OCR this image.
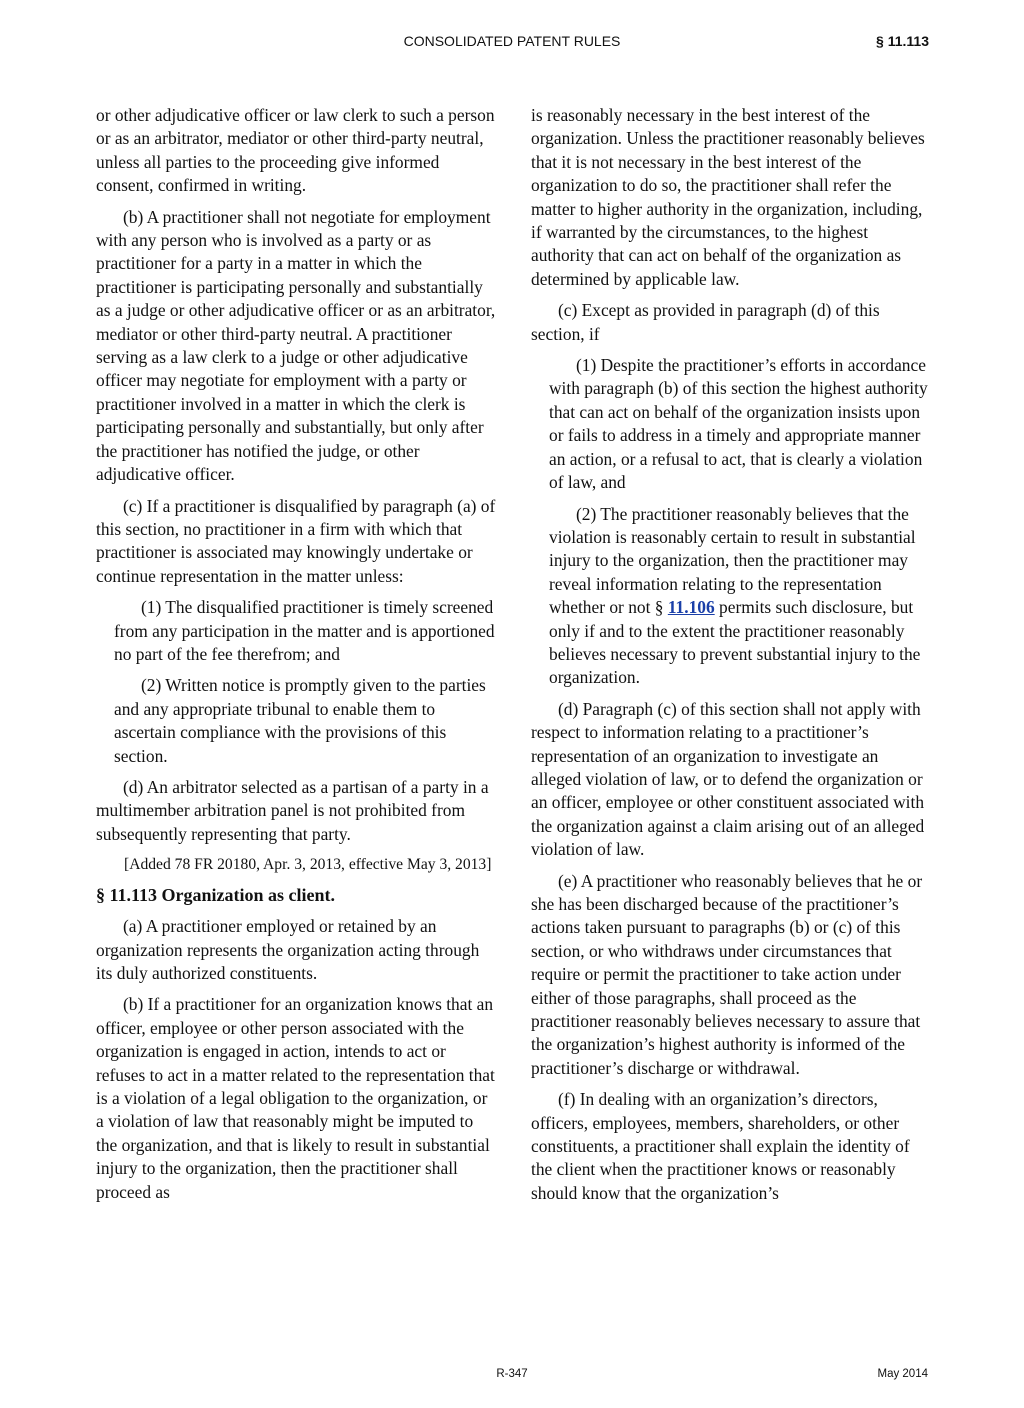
CONSOLIDATED PATENT RULES	§ 11.113

or other adjudicative officer or law clerk to such a person or as an arbitrator, mediator or other third-party neutral, unless all parties to the proceeding give informed consent, confirmed in writing.

(b) A practitioner shall not negotiate for employment with any person who is involved as a party or as practitioner for a party in a matter in which the practitioner is participating personally and substantially as a judge or other adjudicative officer or as an arbitrator, mediator or other third-party neutral. A practitioner serving as a law clerk to a judge or other adjudicative officer may negotiate for employment with a party or practitioner involved in a matter in which the clerk is participating personally and substantially, but only after the practitioner has notified the judge, or other adjudicative officer.

(c) If a practitioner is disqualified by paragraph (a) of this section, no practitioner in a firm with which that practitioner is associated may knowingly undertake or continue representation in the matter unless:

(1) The disqualified practitioner is timely screened from any participation in the matter and is apportioned no part of the fee therefrom; and

(2) Written notice is promptly given to the parties and any appropriate tribunal to enable them to ascertain compliance with the provisions of this section.

(d) An arbitrator selected as a partisan of a party in a multimember arbitration panel is not prohibited from subsequently representing that party.

[Added 78 FR 20180, Apr. 3, 2013, effective May 3, 2013]

§ 11.113 Organization as client.

(a) A practitioner employed or retained by an organization represents the organization acting through its duly authorized constituents.

(b) If a practitioner for an organization knows that an officer, employee or other person associated with the organization is engaged in action, intends to act or refuses to act in a matter related to the representation that is a violation of a legal obligation to the organization, or a violation of law that reasonably might be imputed to the organization, and that is likely to result in substantial injury to the organization, then the practitioner shall proceed as

is reasonably necessary in the best interest of the organization. Unless the practitioner reasonably believes that it is not necessary in the best interest of the organization to do so, the practitioner shall refer the matter to higher authority in the organization, including, if warranted by the circumstances, to the highest authority that can act on behalf of the organization as determined by applicable law.

(c) Except as provided in paragraph (d) of this section, if

(1) Despite the practitioner’s efforts in accordance with paragraph (b) of this section the highest authority that can act on behalf of the organization insists upon or fails to address in a timely and appropriate manner an action, or a refusal to act, that is clearly a violation of law, and

(2) The practitioner reasonably believes that the violation is reasonably certain to result in substantial injury to the organization, then the practitioner may reveal information relating to the representation whether or not § 11.106 permits such disclosure, but only if and to the extent the practitioner reasonably believes necessary to prevent substantial injury to the organization.

(d) Paragraph (c) of this section shall not apply with respect to information relating to a practitioner’s representation of an organization to investigate an alleged violation of law, or to defend the organization or an officer, employee or other constituent associated with the organization against a claim arising out of an alleged violation of law.

(e) A practitioner who reasonably believes that he or she has been discharged because of the practitioner’s actions taken pursuant to paragraphs (b) or (c) of this section, or who withdraws under circumstances that require or permit the practitioner to take action under either of those paragraphs, shall proceed as the practitioner reasonably believes necessary to assure that the organization’s highest authority is informed of the practitioner’s discharge or withdrawal.

(f) In dealing with an organization’s directors, officers, employees, members, shareholders, or other constituents, a practitioner shall explain the identity of the client when the practitioner knows or reasonably should know that the organization’s

R-347	May 2014
